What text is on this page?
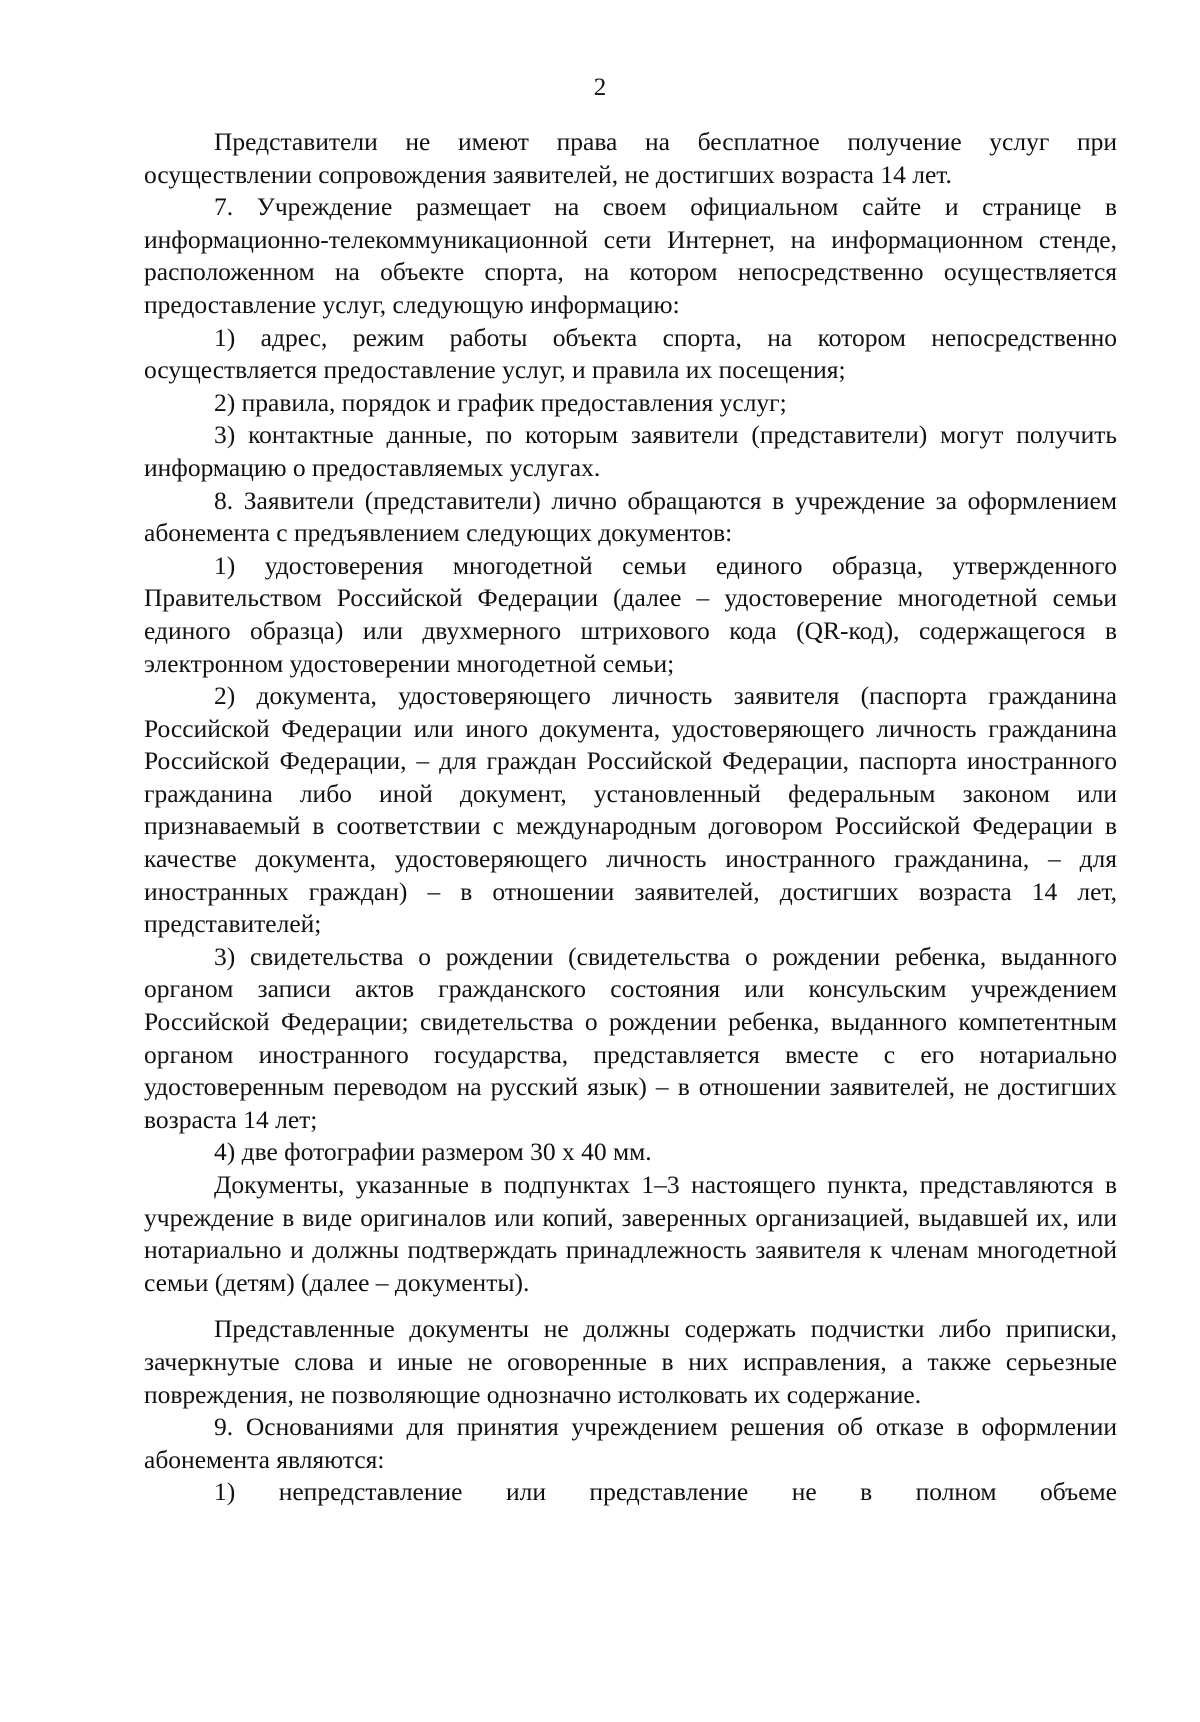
2

Представители не имеют права на бесплатное получение услуг при осуществлении сопровождения заявителей, не достигших возраста 14 лет.

7. Учреждение размещает на своем официальном сайте и странице в информационно-телекоммуникационной сети Интернет, на информационном стенде, расположенном на объекте спорта, на котором непосредственно осуществляется предоставление услуг, следующую информацию:

1) адрес, режим работы объекта спорта, на котором непосредственно осуществляется предоставление услуг, и правила их посещения;

2) правила, порядок и график предоставления услуг;

3) контактные данные, по которым заявители (представители) могут получить информацию о предоставляемых услугах.

8. Заявители (представители) лично обращаются в учреждение за оформлением абонемента с предъявлением следующих документов:

1) удостоверения многодетной семьи единого образца, утвержденного Правительством Российской Федерации (далее – удостоверение многодетной семьи единого образца) или двухмерного штрихового кода (QR-код), содержащегося в электронном удостоверении многодетной семьи;

2) документа, удостоверяющего личность заявителя (паспорта гражданина Российской Федерации или иного документа, удостоверяющего личность гражданина Российской Федерации, – для граждан Российской Федерации, паспорта иностранного гражданина либо иной документ, установленный федеральным законом или признаваемый в соответствии с международным договором Российской Федерации в качестве документа, удостоверяющего личность иностранного гражданина, – для иностранных граждан) – в отношении заявителей, достигших возраста 14 лет, представителей;

3) свидетельства о рождении (свидетельства о рождении ребенка, выданного органом записи актов гражданского состояния или консульским учреждением Российской Федерации; свидетельства о рождении ребенка, выданного компетентным органом иностранного государства, представляется вместе с его нотариально удостоверенным переводом на русский язык) – в отношении заявителей, не достигших возраста 14 лет;

4) две фотографии размером 30 х 40 мм.

Документы, указанные в подпунктах 1–3 настоящего пункта, представляются в учреждение в виде оригиналов или копий, заверенных организацией, выдавшей их, или нотариально и должны подтверждать принадлежность заявителя к членам многодетной семьи (детям) (далее – документы).

Представленные документы не должны содержать подчистки либо приписки, зачеркнутые слова и иные не оговоренные в них исправления, а также серьезные повреждения, не позволяющие однозначно истолковать их содержание.

9. Основаниями для принятия учреждением решения об отказе в оформлении абонемента являются:

1) непредставление или представление не в полном объеме
